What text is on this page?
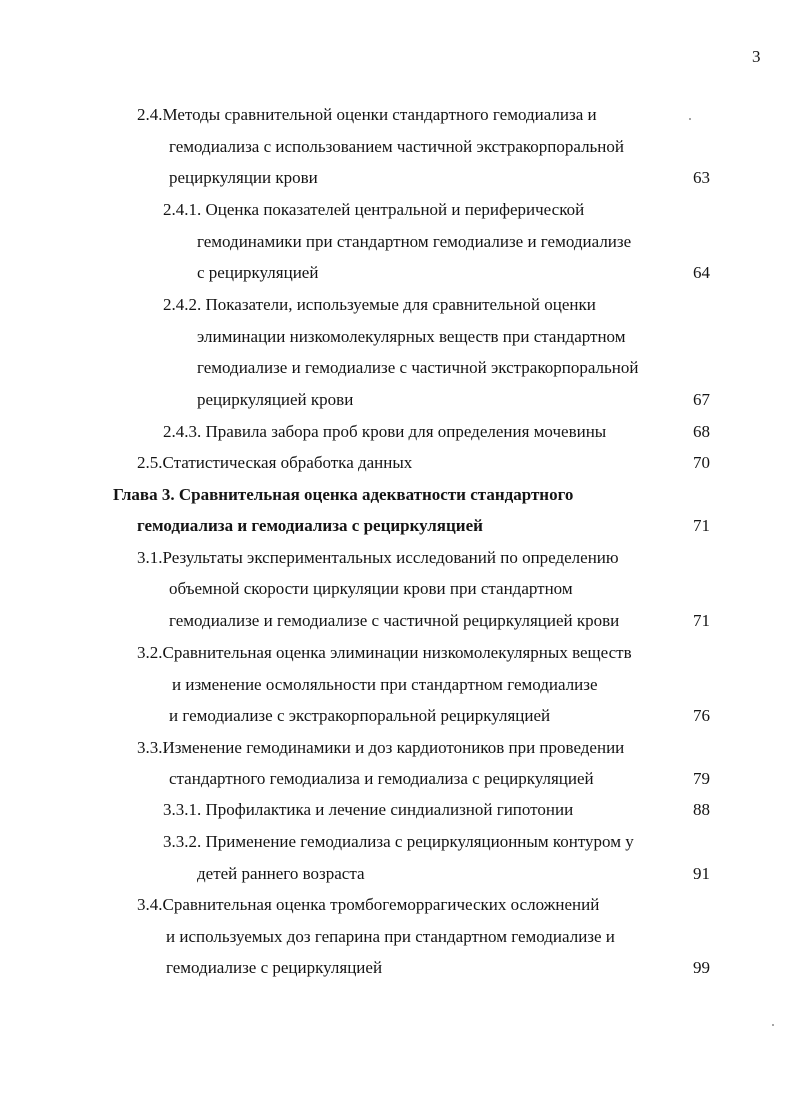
3
2.4.Методы сравнительной оценки стандартного гемодиализа и
гемодиализа с использованием частичной экстракорпоральной
рециркуляции крови	63
2.4.1. Оценка показателей центральной и периферической
гемодинамики при стандартном гемодиализе и гемодиализе
с рециркуляцией	64
2.4.2. Показатели, используемые для сравнительной оценки
элиминации низкомолекулярных веществ при стандартном
гемодиализе и гемодиализе с частичной экстракорпоральной
рециркуляцией крови	67
2.4.3. Правила забора проб крови для определения мочевины	68
2.5.Статистическая обработка данных	70
Глава 3. Сравнительная оценка адекватности стандартного
гемодиализа и гемодиализа с рециркуляцией	71
3.1.Результаты экспериментальных исследований по определению
объемной скорости циркуляции крови при стандартном
гемодиализе и гемодиализе с частичной рециркуляцией крови	71
3.2.Сравнительная оценка элиминации низкомолекулярных веществ
и изменение осмоляльности при стандартном гемодиализе
и гемодиализе с экстракорпоральной рециркуляцией	76
3.3.Изменение гемодинамики и доз кардиотоников при проведении
стандартного гемодиализа и гемодиализа с рециркуляцией	79
3.3.1. Профилактика и лечение синдиализной гипотонии	88
3.3.2. Применение гемодиализа с рециркуляционным контуром у
детей раннего возраста	91
3.4.Сравнительная оценка тромбогеморрагических осложнений
и используемых доз гепарина при стандартном гемодиализе и
гемодиализе с рециркуляцией	99
